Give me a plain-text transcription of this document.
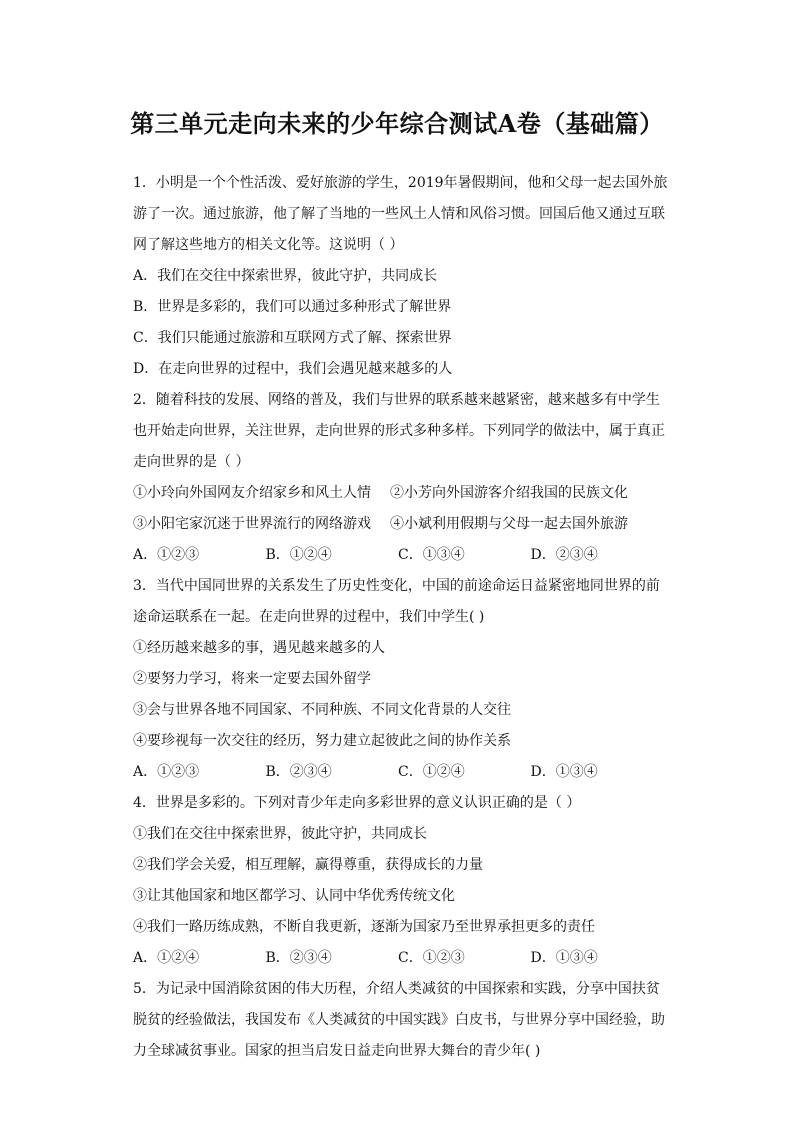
第三单元走向未来的少年综合测试A卷（基础篇）
1．小明是一个个性活泼、爱好旅游的学生，2019年暑假期间，他和父母一起去国外旅
游了一次。通过旅游，他了解了当地的一些风土人情和风俗习惯。回国后他又通过互联
网了解这些地方的相关文化等。这说明（ ）
A．我们在交往中探索世界，彼此守护，共同成长
B．世界是多彩的，我们可以通过多种形式了解世界
C．我们只能通过旅游和互联网方式了解、探索世界
D．在走向世界的过程中，我们会遇见越来越多的人
2．随着科技的发展、网络的普及，我们与世界的联系越来越紧密，越来越多有中学生
也开始走向世界，关注世界，走向世界的形式多种多样。下列同学的做法中，属于真正
走向世界的是（ ）
①小玲向外国网友介绍家乡和风土人情	②小芳向外国游客介绍我国的民族文化
③小阳宅家沉迷于世界流行的网络游戏	④小斌利用假期与父母一起去国外旅游
A．①②③	B．①②④	C．①③④	D．②③④
3．当代中国同世界的关系发生了历史性变化，中国的前途命运日益紧密地同世界的前
途命运联系在一起。在走向世界的过程中，我们中学生( )
①经历越来越多的事，遇见越来越多的人
②要努力学习，将来一定要去国外留学
③会与世界各地不同国家、不同种族、不同文化背景的人交往
④要珍视每一次交往的经历，努力建立起彼此之间的协作关系
A．①②③	B．②③④	C．①②④	D．①③④
4．世界是多彩的。下列对青少年走向多彩世界的意义认识正确的是（ ）
①我们在交往中探索世界，彼此守护，共同成长
②我们学会关爱，相互理解，赢得尊重，获得成长的力量
③让其他国家和地区都学习、认同中华优秀传统文化
④我们一路历练成熟，不断自我更新，逐渐为国家乃至世界承担更多的责任
A．①②④	B．②③④	C．①②③	D．①③④
5．为记录中国消除贫困的伟大历程，介绍人类减贫的中国探索和实践，分享中国扶贫
脱贫的经验做法，我国发布《人类减贫的中国实践》白皮书，与世界分享中国经验，助
力全球减贫事业。国家的担当启发日益走向世界大舞台的青少年( )
